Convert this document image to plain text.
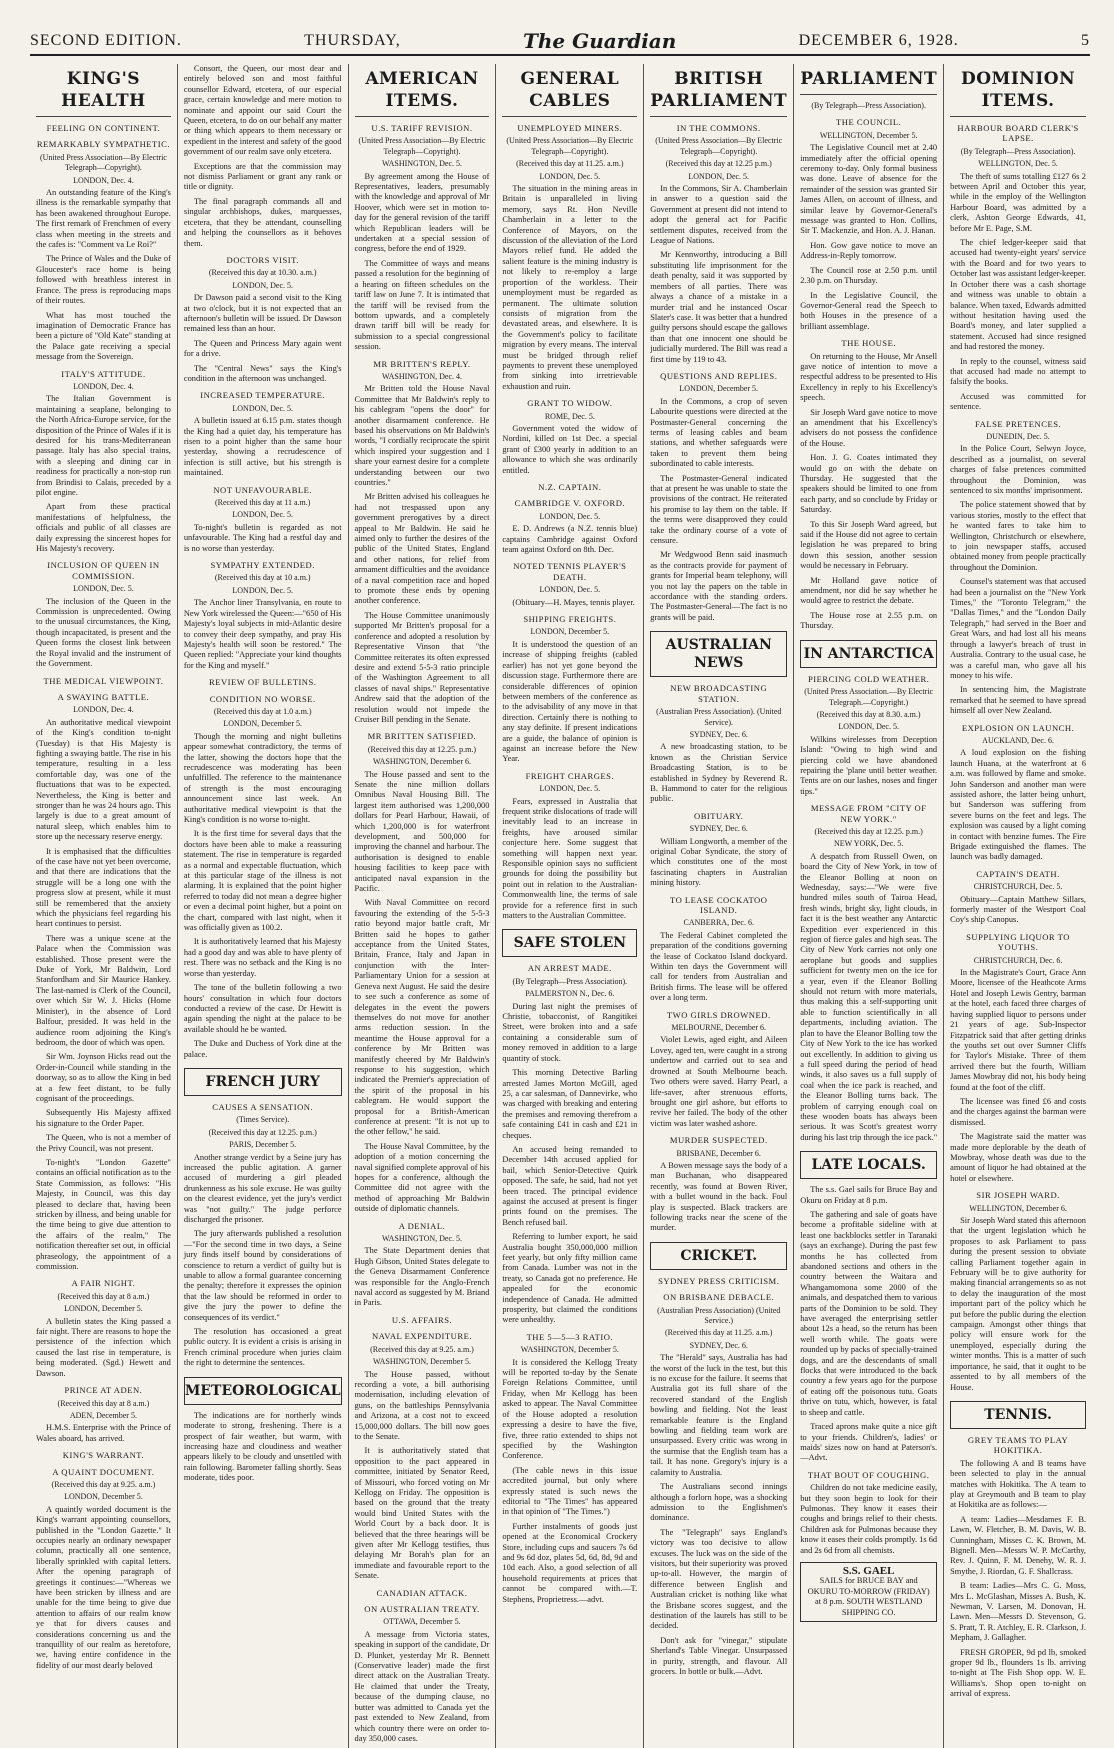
SECOND EDITION.	THURSDAY,	The Guardian	DECEMBER 6, 1928.	5
KING'S HEALTH
FEELING ON CONTINENT.
REMARKABLY SYMPATHETIC.
(United Press Association—By Electric Telegraph—Copyright).
LONDON, Dec. 4.

An outstanding feature of the King's illness is the remarkable sympathy that has been awakened throughout Europe. The first remark of Frenchmen of every class when meeting in the streets and the cafes is: "Comment va Le Roi?"

The Prince of Wales and the Duke of Gloucester's race home is being followed with breathless interest in France. The press is reproducing maps of their routes.

What has most touched the imagination of Democratic France has been a picture of "Old Kate" standing at the Palace gate receiving a special message from the Sovereign.

ITALY'S ATTITUDE.
LONDON, Dec. 4.

The Italian Government is maintaining a seaplane, belonging to the North Africa-Europe service, for the disposition of the Prince of Wales if it is desired for his trans-Mediterranean passage. Italy has also special trains, with a sleeping and dining car in readiness for practically a non-stop run from Brindisi to Calais, preceded by a pilot engine.

Apart from these practical manifestations of helpfulness, the officials and public of all classes are daily expressing the sincerest hopes for His Majesty's recovery.

INCLUSION OF QUEEN IN COMMISSION.
LONDON, Dec. 5.

The inclusion of the Queen in the Commission is unprecedented. Owing to the unusual circumstances, the King, though incapacitated, is present and the Queen forms the closest link between the Royal invalid and the instrument of the Government.

THE MEDICAL VIEWPOINT.
A SWAYING BATTLE.
LONDON, Dec. 4.

An authoritative medical viewpoint of the King's condition to-night (Tuesday) is that His Majesty is fighting a swaying battle. The rise in his temperature, resulting in a less comfortable day, was one of the fluctuations that was to be expected. Nevertheless, the King is better and stronger than he was 24 hours ago. This largely is due to a great amount of natural sleep, which enables him to store up the necessary reserve energy.

It is emphasised that the difficulties of the case have not yet been overcome, and that there are indications that the struggle will be a long one with the progress slow at present, while it must still be remembered that the anxiety which the physicians feel regarding his heart continues to persist.

There was a unique scene at the Palace when the Commission was established. Those present were the Duke of York, Mr Baldwin, Lord Stanfordham and Sir Maurice Hankey. The last-named is Clerk of the Council, over which Sir W. J. Hicks (Home Minister), in the absence of Lord Balfour, presided. It was held in the audience room adjoining the King's bedroom, the door of which was open.

Sir Wm. Joynson Hicks read out the Order-in-Council while standing in the doorway, so as to allow the King in bed at a few feet distant, to be fully cognisant of the proceedings.

Subsequently His Majesty affixed his signature to the Order Paper.

The Queen, who is not a member of the Privy Council, was not present.

To-night's "London Gazette" contains an official notification as to the State Commission, as follows: "His Majesty, in Council, was this day pleased to declare that, having been stricken by illness, and being unable for the time being to give due attention to the affairs of the realm," The notification thereafter set out, in official phraseology, the appointment of a commission.

A FAIR NIGHT.
(Received this day at 8 a.m.)
LONDON, December 5.

A bulletin states the King passed a fair night. There are reasons to hope the persistence of the infection which caused the last rise in temperature, is being moderated. (Sgd.) Hewett and Dawson.

PRINCE AT ADEN.
(Received this day at 8 a.m.)
ADEN, December 5.

H.M.S. Enterprise with the Prince of Wales aboard, has arrived.

KING'S WARRANT.
A QUAINT DOCUMENT.
(Received this day at 9.25. a.m.)
LONDON, December 5.

A quaintly worded document is the King's warrant appointing counsellors, published in the "London Gazette." It occupies nearly an ordinary newspaper column, practically all one sentence, liberally sprinkled with capital letters. After the opening paragraph of greetings it continues:—"Whereas we have been stricken by illness and are unable for the time being to give due attention to affairs of our realm know ye that for divers causes and considerations concerning us and the tranquillity of our realm as heretofore, we, having entire confidence in the fidelity of our most dearly beloved

Consort, the Queen, our most dear and entirely beloved son and most faithful counsellor Edward, etcetera, of our especial grace, certain knowledge and mere motion to nominate and appoint our said Court the Queen, etcetera, to do on our behalf any matter or thing which appears to them necessary or expedient in the interest and safety of the good government of our realm save only etcetera.

Exceptions are that the commission may not dismiss Parliament or grant any rank or title or dignity.

The final paragraph commands all and singular archbishops, dukes, marquesses, etcetera, that they be attendant, counselling and helping the counsellors as it behoves them.

DOCTORS VISIT.
(Received this day at 10.30. a.m.)
LONDON, Dec. 5.

Dr Dawson paid a second visit to the King at two o'clock, but it is not expected that an afternoon's bulletin will be issued. Dr Dawson remained less than an hour.

The Queen and Princess Mary again went for a drive.

The "Central News" says the King's condition in the afternoon was unchanged.

INCREASED TEMPERATURE.
LONDON, Dec. 5.

A bulletin issued at 6.15 p.m. states though the King had a quiet day, his temperature has risen to a point higher than the same hour yesterday, showing a recrudescence of infection is still active, but his strength is maintained.

NOT UNFAVOURABLE.
(Received this day at 11 a.m.)
LONDON, Dec. 5.

To-night's bulletin is regarded as not unfavourable. The King had a restful day and is no worse than yesterday.

SYMPATHY EXTENDED.
(Received this day at 10 a.m.)
LONDON, Dec. 5.

The Anchor liner Transylvania, en route to New York wirelessed the Queen:—"650 of His Majesty's loyal subjects in mid-Atlantic desire to convey their deep sympathy, and pray His Majesty's health will soon be restored." The Queen replied: "Appreciate your kind thoughts for the King and myself."

REVIEW OF BULLETINS.
CONDITION NO WORSE.
(Received this day at 1.0 a.m.)
LONDON, December 5.

Though the morning and night bulletins appear somewhat contradictory, the terms of the latter, showing the doctors hope that the recrudescence was moderating has been unfulfilled. The reference to the maintenance of strength is the most encouraging announcement since last week. An authoritative medical viewpoint is that the King's condition is no worse to-night.

It is the first time for several days that the doctors have been able to make a reassuring statement. The rise in temperature is regarded as a normal and expectable fluctuation, which at this particular stage of the illness is not alarming. It is explained that the point higher referred to today did not mean a degree higher or even a decimal point higher, but a point on the chart, compared with last night, when it was officially given as 100.2.

It is authoritatively learned that his Majesty had a good day and was able to have plenty of rest. There was no setback and the King is no worse than yesterday.

The tone of the bulletin following a two hours' consultation in which four doctors conducted a review of the case. Dr Hewitt is again spending the night at the palace to be available should he be wanted.

The Duke and Duchess of York dine at the palace.

FRENCH JURY
CAUSES A SENSATION.
(Times Service).
(Received this day at 12.25. p.m.)
PARIS, December 5.

Another strange verdict by a Seine jury has increased the public agitation. A garner accused of murdering a girl pleaded drunkenness as his sole excuse. He was guilty on the clearest evidence, yet the jury's verdict was "not guilty." The judge perforce discharged the prisoner.

The jury afterwards published a resolution—"For the second time in two days, a Seine jury finds itself bound by considerations of conscience to return a verdict of guilty but is unable to allow a formal guarantee concerning the penalty; therefore it expresses the opinion that the law should be reformed in order to give the jury the power to define the consequences of its verdict."

The resolution has occasioned a great public outcry. It is evident a crisis is arising in French criminal procedure when juries claim the right to determine the sentences.

METEOROLOGICAL

The indications are for northerly winds moderate to strong, freshening. There is a prospect of fair weather, but warm, with increasing haze and cloudiness and weather appears likely to be cloudy and unsettled with rain following. Barometer falling shortly. Seas moderate, tides poor.

AMERICAN ITEMS.
U.S. TARIFF REVISION.
(United Press Association—By Electric Telegraph—Copyright).
WASHINGTON, Dec. 5.

By agreement among the House of Representatives, leaders, presumably with the knowledge and approval of Mr Hoover, which were set in motion to-day for the general revision of the tariff which Republican leaders will be undertaken at a special session of congress, before the end of 1929.

The Committee of ways and means passed a resolution for the beginning of a hearing on fifteen schedules on the tariff law on June 7. It is intimated that the tariff will be revised from the bottom upwards, and a completely drawn tariff bill will be ready for submission to a special congressional session.

MR BRITTEN'S REPLY.
WASHINGTON, Dec. 4.

Mr Britten told the House Naval Committee that Mr Baldwin's reply to his cablegram "opens the door" for another disarmament conference. He based his observations on Mr Baldwin's words, "I cordially reciprocate the spirit which inspired your suggestion and I share your earnest desire for a complete understanding between our two countries."

Mr Britten advised his colleagues he had not trespassed upon any government prerogatives by a direct appeal to Mr Baldwin. He said he aimed only to further the desires of the public of the United States, England and other nations, for relief from armament difficulties and the avoidance of a naval competition race and hoped to promote these ends by opening another conference.

The House Committee unanimously supported Mr Britten's proposal for a conference and adopted a resolution by Representative Vinson that "the Committee reiterates its often expressed desire and extend 5-5-3 ratio principle of the Washington Agreement to all classes of naval ships." Representative Andrew said that the adoption of the resolution would not impede the Cruiser Bill pending in the Senate.

MR BRITTEN SATISFIED.
(Received this day at 12.25. p.m.)
WASHINGTON, December 6.

The House passed and sent to the Senate the nine million dollars Omnibus Naval Housing Bill. The largest item authorised was 1,200,000 dollars for Pearl Harbour, Hawaii, of which 1,200,000 is for waterfront development, and 500,000 for improving the channel and harbour. The authorisation is designed to enable housing facilities to keep pace with anticipated naval expansion in the Pacific.

With Naval Committee on record favouring the extending of the 5-5-3 ratio beyond major battle craft, Mr Britten said he hopes to gather acceptance from the United States, Britain, France, Italy and Japan in conjunction with the Inter-Parliamentary Union for a session at Geneva next August. He said the desire to see such a conference as some of delegates in the event the powers themselves do not move for another arms reduction session. In the meantime the House approval for a conference by Mr Britten was manifestly cheered by Mr Baldwin's response to his suggestion, which indicated the Premier's appreciation of the spirit of the proposal in his cablegram. He would support the proposal for a British-American conference at present: "It is not up to the other fellow," he said.

The House Naval Committee, by the adoption of a motion concerning the naval signified complete approval of his hopes for a conference, although the Committee did not agree with the method of approaching Mr Baldwin outside of diplomatic channels.

A DENIAL.
WASHINGTON, Dec. 5.

The State Department denies that Hugh Gibson, United States delegate to the Geneva Disarmament Conference was responsible for the Anglo-French naval accord as suggested by M. Briand in Paris.

U.S. AFFAIRS.
NAVAL EXPENDITURE.
(Received this day at 9.25. a.m.)
WASHINGTON, December 5.

The House passed, without recording a vote, a bill authorising modernisation, including elevation of guns, on the battleships Pennsylvania and Arizona, at a cost not to exceed 15,000,000 dollars. The bill now goes to the Senate.

It is authoritatively stated that opposition to the pact appeared in committee, initiated by Senator Reed, of Missouri, who forced voting on Mr Kellogg on Friday. The opposition is based on the ground that the treaty would bind United States with the World Court by a back door. It is believed that the three hearings will be given after Mr Kellogg testifies, thus delaying Mr Borah's plan for an immediate and favourable report to the Senate.

CANADIAN ATTACK.
ON AUSTRALIAN TREATY.
OTTAWA, December 5.

A message from Victoria states, speaking in support of the candidate, Dr D. Plunket, yesterday Mr R. Bennett (Conservative leader) made the first direct attack on the Australian Treaty. He claimed that under the Treaty, because of the dumping clause, no butter was admitted to Canada yet the past extended to New Zealand, from which country there were on order to-day 350,000 cases.

GENERAL CABLES
UNEMPLOYED MINERS.
(United Press Association—By Electric Telegraph—Copyright).
(Received this day at 11.25. a.m.)
LONDON, Dec. 5.

The situation in the mining areas in Britain is unparalleled in living memory, says Rt. Hon Neville Chamberlain in a letter to the Conference of Mayors, on the discussion of the alleviation of the Lord Mayors relief fund. He added the salient feature is the mining industry is not likely to re-employ a large proportion of the workless. Their unemployment must be regarded as permanent. The ultimate solution consists of migration from the devastated areas, and elsewhere. It is the Government's policy to facilitate migration by every means. The interval must be bridged through relief payments to prevent these unemployed from sinking into irretrievable exhaustion and ruin.

GRANT TO WIDOW.
ROME, Dec. 5.

Government voted the widow of Nordini, killed on 1st Dec. a special grant of £300 yearly in addition to an allowance to which she was ordinarily entitled.

N.Z. CAPTAIN.
CAMBRIDGE V. OXFORD.
LONDON, Dec. 5.

E. D. Andrews (a N.Z. tennis blue) captains Cambridge against Oxford team against Oxford on 8th. Dec.

NOTED TENNIS PLAYER'S DEATH.
LONDON, Dec. 5.

(Obituary—H. Mayes, tennis player.

SHIPPING FREIGHTS.
LONDON, December 5.

It is understood the question of an increase of shipping freights (cabled earlier) has not yet gone beyond the discussion stage. Furthermore there are considerable differences of opinion between members of the conference as to the advisability of any move in that direction. Certainly there is nothing to any stay definite. If present indications are a guide, the balance of opinion is against an increase before the New Year.

FREIGHT CHARGES.
LONDON, Dec. 5.

Fears, expressed in Australia that frequent strike dislocations of trade will inevitably lead to an increase in freights, have aroused similar conjecture here. Some suggest that something will happen next year. Responsible opinion says no sufficient grounds for doing the possibility but point out in relation to the Australian-Commonwealth line, the terms of sale provide for a reference first in such matters to the Australian Committee.

SAFE STOLEN
AN ARREST MADE.
(By Telegraph—Press Association).
PALMERSTON N., Dec. 6.

During last night the premises of Christie, tobacconist, of Rangitikei Street, were broken into and a safe containing a considerable sum of money removed in addition to a large quantity of stock.

This morning Detective Barling arrested James Morton McGill, aged 25, a car salesman, of Dannevirke, who was charged with breaking and entering the premises and removing therefrom a safe containing £41 in cash and £21 in cheques.

An accused being remanded to December 14th accused applied for bail, which Senior-Detective Quirk opposed. The safe, he said, had not yet been traced. The principal evidence against the accused at present is finger prints found on the premises. The Bench refused bail.

Referring to lumber export, he said Australia bought 350,000,000 million feet yearly, but only fifty million came from Canada. Lumber was not in the treaty, so Canada got no preference. He appealed for the economic independence of Canada. He admitted prosperity, but claimed the conditions were unhealthy.

THE 5—5—3 RATIO.
WASHINGTON, December 5.

It is considered the Kellogg Treaty will be reported to-day by the Senate Foreign Relations Committee, until Friday, when Mr Kellogg has been asked to appear. The Naval Committee of the House adopted a resolution expressing a desire to have the five, five, three ratio extended to ships not specified by the Washington Conference.

(The cable news in this issue accredited journal, but only where expressly stated is such news the editorial to "The Times" has appeared in that opinion of "The Times.")

Further instalments of goods just opened at the Economical Crockery Store, including cups and saucers 7s 6d and 9s 6d doz, plates 5d, 6d, 8d, 9d and 10d each. Also, a good selection of all household requirements at prices that cannot be compared with.—T. Stephens, Proprietress.—advt.

BRITISH PARLIAMENT
IN THE COMMONS.
(United Press Association—By Electric Telegraph—Copyright).
(Received this day at 12.25 p.m.)
LONDON, Dec. 5.

In the Commons, Sir A. Chamberlain in answer to a question said the Government at present did not intend to adopt the general act for Pacific settlement disputes, received from the League of Nations.

Mr Kennworthy, introducing a Bill substituting life imprisonment for the death penalty, said it was supported by members of all parties. There was always a chance of a mistake in a murder trial and he instanced Oscar Slater's case. It was better that a hundred guilty persons should escape the gallows than that one innocent one should be judicially murdered. The Bill was read a first time by 119 to 43.

QUESTIONS AND REPLIES.
LONDON, December 5.

In the Commons, a crop of seven Labourite questions were directed at the Postmaster-General concerning the terms of leasing cables and beam stations, and whether safeguards were taken to prevent them being subordinated to cable interests.

The Postmaster-General indicated that at present he was unable to state the provisions of the contract. He reiterated his promise to lay them on the table. If the terms were disapproved they could take the ordinary course of a vote of censure.

Mr Wedgwood Benn said inasmuch as the contracts provide for payment of grants for Imperial beam telephony, will you not lay the papers on the table in accordance with the standing orders. The Postmaster-General—The fact is no grants will be paid.

AUSTRALIAN NEWS
NEW BROADCASTING STATION.
(Australian Press Association). (United Service).
SYDNEY, Dec. 6.

A new broadcasting station, to be known as the Christian Service Broadcasting Station, is to be established in Sydney by Reverend R. B. Hammond to cater for the religious public.

OBITUARY.
SYDNEY, Dec. 6.

William Longworth, a member of the original Cobar Syndicate, the story of which constitutes one of the most fascinating chapters in Australian mining history.

TO LEASE COCKATOO ISLAND.
CANBERRA, Dec. 6.

The Federal Cabinet completed the preparation of the conditions governing the lease of Cockatoo Island dockyard. Within ten days the Government will call for tenders from Australian and British firms. The lease will be offered over a long term.

TWO GIRLS DROWNED.
MELBOURNE, December 6.

Violet Lewis, aged eight, and Aileen Lovey, aged ten, were caught in a strong undertow and carried out to sea and drowned at South Melbourne beach. Two others were saved. Harry Pearl, a life-saver, after strenuous efforts, brought one girl ashore, but efforts to revive her failed. The body of the other victim was later washed ashore.

MURDER SUSPECTED.
BRISBANE, December 6.

A Bowen message says the body of a man Buchanan, who disappeared recently, was found at Bowen River, with a bullet wound in the back. Foul play is suspected. Black trackers are following tracks near the scene of the murder.

CRICKET.
SYDNEY PRESS CRITICISM.
ON BRISBANE DEBACLE.
(Australian Press Association) (United Service.)
(Received this day at 11.25. a.m.)
SYDNEY, Dec. 6.

The "Herald" says, Australia has had the worst of the luck in the test, but this is no excuse for the failure. It seems that Australia got its full share of the recovered standard of the English bowling and fielding. Not the least remarkable feature is the England bowling and fielding team work are unsurpassed. Every critic was wrong in the surmise that the English team has a tail. It has none. Gregory's injury is a calamity to Australia.

The Australians second innings although a forlorn hope, was a shocking admission to the Englishmen's dominance.

The "Telegraph" says England's victory was too decisive to allow excuses. The luck was on the side of the visitors, but their superiority was proved up-to-all. However, the margin of difference between English and Australian cricket is nothing like what the Brisbane scores suggest, and the destination of the laurels has still to be decided.

Don't ask for "vinegar," stipulate Sherland's Table Vinegar. Unsurpassed in purity, strength, and flavour. All grocers. In bottle or bulk.—Advt.

PARLIAMENT
(By Telegraph—Press Association).
THE COUNCIL.
WELLINGTON, December 5.

The Legislative Council met at 2.40 immediately after the official opening ceremony to-day. Only formal business was done. Leave of absence for the remainder of the session was granted Sir James Allen, on account of illness, and similar leave by Governor-General's message was granted to Hon. Collins, Sir T. Mackenzie, and Hon. A. J. Hanan.

Hon. Gow gave notice to move an Address-in-Reply tomorrow.

The Council rose at 2.50 p.m. until 2.30 p.m. on Thursday.

In the Legislative Council, the Governor-General read the Speech to both Houses in the presence of a brilliant assemblage.

THE HOUSE.

On returning to the House, Mr Ansell gave notice of intention to move a respectful address to be presented to His Excellency in reply to his Excellency's speech.

Sir Joseph Ward gave notice to move an amendment that his Excellency's advisers do not possess the confidence of the House.

Hon. J. G. Coates intimated they would go on with the debate on Thursday. He suggested that the speakers should be limited to one from each party, and so conclude by Friday or Saturday.

To this Sir Joseph Ward agreed, but said if the House did not agree to certain legislation he was prepared to bring down this session, another session would be necessary in February.

Mr Holland gave notice of amendment, nor did he say whether he would agree to restrict the debate.

The House rose at 2.55 p.m. on Thursday.

IN ANTARCTICA
PIERCING COLD WEATHER.
(United Press Association.—By Electric Telegraph.—Copyright.)
(Received this day at 8.30. a.m.)
LONDON, Dec. 5.

Wilkins wirelesses from Deception Island: "Owing to high wind and piercing cold we have abandoned repairing the 'plane until better weather. Tents are on our lashes, noses and finger tips."

MESSAGE FROM "CITY OF NEW YORK."
(Received this day at 12.25. p.m.)
NEW YORK, Dec. 5.

A despatch from Russell Owen, on board the City of New York, in tow of the Eleanor Bolling at noon on Wednesday, says:—"We were five hundred miles south of Tairoa Head, fresh winds, bright sky, light clouds, in fact it is the best weather any Antarctic Expedition ever experienced in this region of fierce gales and high seas. The City of New York carries not only one aeroplane but goods and supplies sufficient for twenty men on the ice for a year, even if the Eleanor Bolling should not return with more materials, thus making this a self-supporting unit able to function scientifically in all departments, including aviation. The plan to have the Eleanor Bolling tow the City of New York to the ice has worked out excellently. In addition to giving us a full speed during the period of head winds, it also saves us a full supply of coal when the ice pack is reached, and the Eleanor Bolling turns back. The problem of carrying enough coal on these wooden boats has always been serious. It was Scott's greatest worry during his last trip through the ice pack."

LATE LOCALS.

The s.s. Gael sails for Bruce Bay and Okuru on Friday at 8 p.m.

The gathering and sale of goats have become a profitable sideline with at least one backblocks settler in Taranaki (says an exchange). During the past few months he has collected from abandoned sections and others in the country between the Waitara and Whangamomona some 2000 of the animals, and despatched them to various parts of the Dominion to be sold. They have averaged the enterprising settler about 12s a head, so the return has been well worth while. The goats were rounded up by packs of specially-trained dogs, and are the descendants of small flocks that were introduced to the back country a few years ago for the purpose of eating off the poisonous tutu. Goats thrive on tutu, which, however, is fatal to sheep and cattle.

Traced aprons make quite a nice gift to your friends. Children's, ladies' or maids' sizes now on hand at Paterson's.—Advt.

THAT BOUT OF COUGHING.

Children do not take medicine easily, but they soon begin to look for their Pulmonas. They know it eases their coughs and brings relief to their chests. Children ask for Pulmonas because they know it eases their colds promptly. 1s 6d and 2s 6d from all chemists.

S.S. GAEL
SAILS for BRUCE BAY and OKURU TO-MORROW (FRIDAY) at 8 p.m. SOUTH WESTLAND SHIPPING CO.
DOMINION ITEMS.
HARBOUR BOARD CLERK'S LAPSE.
(By Telegraph—Press Association).
WELLINGTON, Dec. 5.

The theft of sums totalling £127 6s 2 between April and October this year, while in the employ of the Wellington Harbour Board, was admitted by a clerk, Ashton George Edwards, 41, before Mr E. Page, S.M.

The chief ledger-keeper said that accused had twenty-eight years' service with the Board and for two years to October last was assistant ledger-keeper. In October there was a cash shortage and witness was unable to obtain a balance. When taxed, Edwards admitted without hesitation having used the Board's money, and later supplied a statement. Accused had since resigned and had restored the money.

In reply to the counsel, witness said that accused had made no attempt to falsify the books.

Accused was committed for sentence.

FALSE PRETENCES.
DUNEDIN, Dec. 5.

In the Police Court, Selwyn Joyce, described as a journalist, on several charges of false pretences committed throughout the Dominion, was sentenced to six months' imprisonment.

The police statement showed that by various stories, mostly to the effect that he wanted fares to take him to Wellington, Christchurch or elsewhere, to join newspaper staffs, accused obtained money from people practically throughout the Dominion.

Counsel's statement was that accused had been a journalist on the "New York Times," the "Toronto Telegram," the "Dallas Times," and the "London Daily Telegraph," had served in the Boer and Great Wars, and had lost all his means through a lawyer's breach of trust in Australia. Contrary to the usual case, he was a careful man, who gave all his money to his wife.

In sentencing him, the Magistrate remarked that he seemed to have spread himself all over New Zealand.

EXPLOSION ON LAUNCH.
AUCKLAND, Dec. 6.

A loud explosion on the fishing launch Huana, at the waterfront at 6 a.m. was followed by flame and smoke. John Sanderson and another man were assisted ashore, the latter being unhurt, but Sanderson was suffering from severe burns on the feet and legs. The explosion was caused by a light coming in contact with benzine fumes. The Fire Brigade extinguished the flames. The launch was badly damaged.

CAPTAIN'S DEATH.
CHRISTCHURCH, Dec. 5.

Obituary—Captain Matthew Sillars, formerly master of the Westport Coal Coy's ship Canopus.

SUPPLYING LIQUOR TO YOUTHS.
CHRISTCHURCH, Dec. 6.

In the Magistrate's Court, Grace Ann Moore, licensee of the Heathcote Arms Hotel and Joseph Lewis Gentry, barman at the hotel, each faced three charges of having supplied liquor to persons under 21 years of age. Sub-Inspector Fitzpatrick said that after getting drinks the youths set out over Sumner Cliffs for Taylor's Mistake. Three of them arrived there but the fourth, William James Mowbray did not, his body being found at the foot of the cliff.

The licensee was fined £6 and costs and the charges against the barman were dismissed.

The Magistrate said the matter was made more deplorable by the death of Mowbray, whose death was due to the amount of liquor he had obtained at the hotel or elsewhere.

SIR JOSEPH WARD.
WELLINGTON, December 6.

Sir Joseph Ward stated this afternoon that the urgent legislation which he proposes to ask Parliament to pass during the present session to obviate calling Parliament together again in February will be to give authority for making financial arrangements so as not to delay the inauguration of the most important part of the policy which he put before the public during the election campaign. Amongst other things that policy will ensure work for the unemployed, especially during the winter months. This is a matter of such importance, he said, that it ought to be assented to by all members of the House.

TENNIS.
GREY TEAMS TO PLAY HOKITIKA.

The following A and B teams have been selected to play in the annual matches with Hokitika. The A team to play at Greymouth and B team to play at Hokitika are as follows:—

A team: Ladies—Mesdames F. B. Lawn, W. Fletcher, B. M. Davis, W. B. Cunningham, Misses C. K. Brown, M. Bignell. Men—Messrs W. P. McCarthy, Rev. J. Quinn, F. M. Denehy, W. R. J. Smythe, J. Riordan, G. F. Shallcrass.

B team: Ladies—Mrs C. G. Moss, Mrs L. McGlashan, Misses A. Bush, K. Newman, V. Larsen, M. Donovan, H. Lawn. Men—Messrs D. Stevenson, G. S. Pratt, T. R. Atchley, E. R. Clarkson, J. Mepham, J. Gallagher.

FRESH GROPER, 9d pd lb, smoked groper 9d lb., flounders 1s lb. arriving to-night at The Fish Shop opp. W. E. Williams's. Shop open to-night on arrival of express.
